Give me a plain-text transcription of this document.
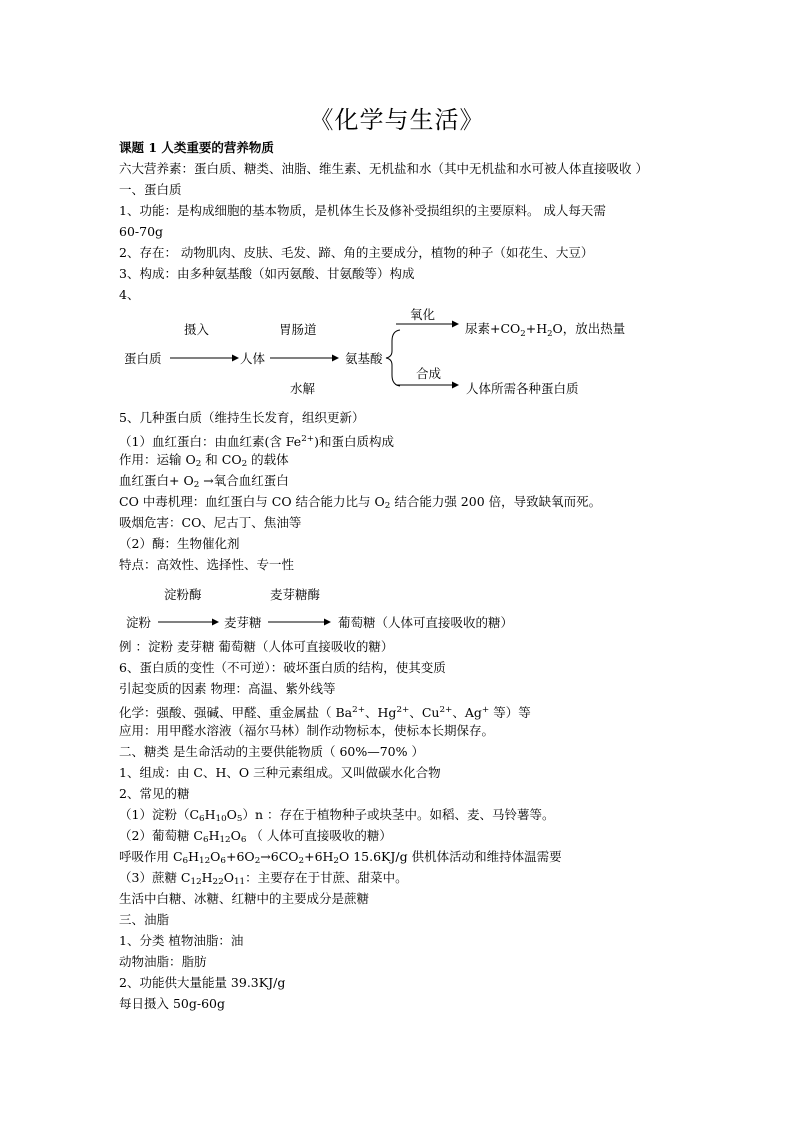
《化学与生活》
课题 1 人类重要的营养物质
六大营养素：蛋白质、糖类、油脂、维生素、无机盐和水（其中无机盐和水可被人体直接吸收 ）
一、蛋白质
1、功能：是构成细胞的基本物质，是机体生长及修补受损组织的主要原料。 成人每天需
60-70g
2、存在： 动物肌肉、皮肤、毛发、蹄、角的主要成分，植物的种子（如花生、大豆）
3、构成：由多种氨基酸（如丙氨酸、甘氨酸等）构成
4、
摄入	胃肠道
蛋白质	人体
水解
氨基酸
氧化
尿素$+CO_2+H_2O$，放出热量
合成
人体所需各种蛋白质
淀粉酶	麦芽糖酶
淀粉	麦芽糖	葡萄糖（人体可直接吸收的糖）
5、几种蛋白质（维持生长发育，组织更新）
（1）血红蛋白：由血红素(含 $Fe^{2+}$)和蛋白质构成
作用：运输 $O_2$ 和 $CO_2$ 的载体
血红蛋白+ $O_2$ →氧合血红蛋白
CO 中毒机理：血红蛋白与 CO 结合能力比与 $O_2$ 结合能力强 200 倍，导致缺氧而死。
吸烟危害：CO、尼古丁、焦油等
（2）酶：生物催化剂
特点：高效性、选择性、专一性
例 ：淀粉 麦芽糖 葡萄糖（人体可直接吸收的糖）
6、蛋白质的变性（不可逆）：破坏蛋白质的结构，使其变质
引起变质的因素 物理：高温、紫外线等
化学：强酸、强碱、甲醛、重金属盐（ $Ba^{2+}$、$Hg^{2+}$、$Cu^{2+}$、Ag+ 等）等
应用：用甲醛水溶液（福尔马林）制作动物标本，使标本长期保存。
二、糖类 是生命活动的主要供能物质（ 60%—70% ）
1、组成：由 C、H、O 三种元素组成。又叫做碳水化合物
2、常见的糖
（1）淀粉$(C_6H_{10}O_5)n$ ：存在于植物种子或块茎中。如稻、麦、马铃薯等。
（2）葡萄糖 $C_6H_{12}O_6$ （ 人体可直接吸收的糖）
呼吸作用 $C_6H_{12}O_6+6O_2\to 6CO_2+6H_2O$ 15.6KJ/g 供机体活动和维持体温需要
（3）蔗糖 $C_{12}H_{22}O_{11}$：主要存在于甘蔗、甜菜中。
生活中白糖、冰糖、红糖中的主要成分是蔗糖
三、油脂
1、分类 植物油脂：油
动物油脂：脂肪
2、功能供大量能量 39.3KJ/g
每日摄入 50g-60g
